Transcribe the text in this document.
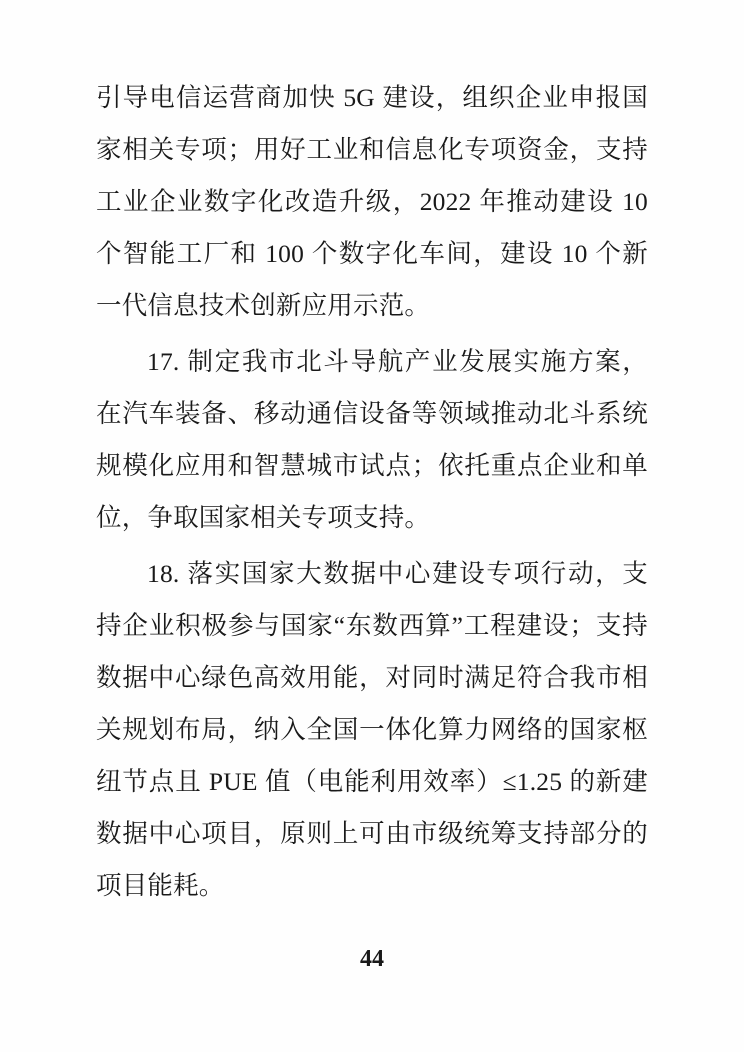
引导电信运营商加快 5G 建设，组织企业申报国家相关专项；用好工业和信息化专项资金，支持工业企业数字化改造升级，2022 年推动建设 10 个智能工厂和 100 个数字化车间，建设 10 个新一代信息技术创新应用示范。

17. 制定我市北斗导航产业发展实施方案，在汽车装备、移动通信设备等领域推动北斗系统规模化应用和智慧城市试点；依托重点企业和单位，争取国家相关专项支持。

18. 落实国家大数据中心建设专项行动，支持企业积极参与国家“东数西算”工程建设；支持数据中心绿色高效用能，对同时满足符合我市相关规划布局，纳入全国一体化算力网络的国家枢纽节点且 PUE 值（电能利用效率）≤1.25 的新建数据中心项目，原则上可由市级统筹支持部分的项目能耗。

44
